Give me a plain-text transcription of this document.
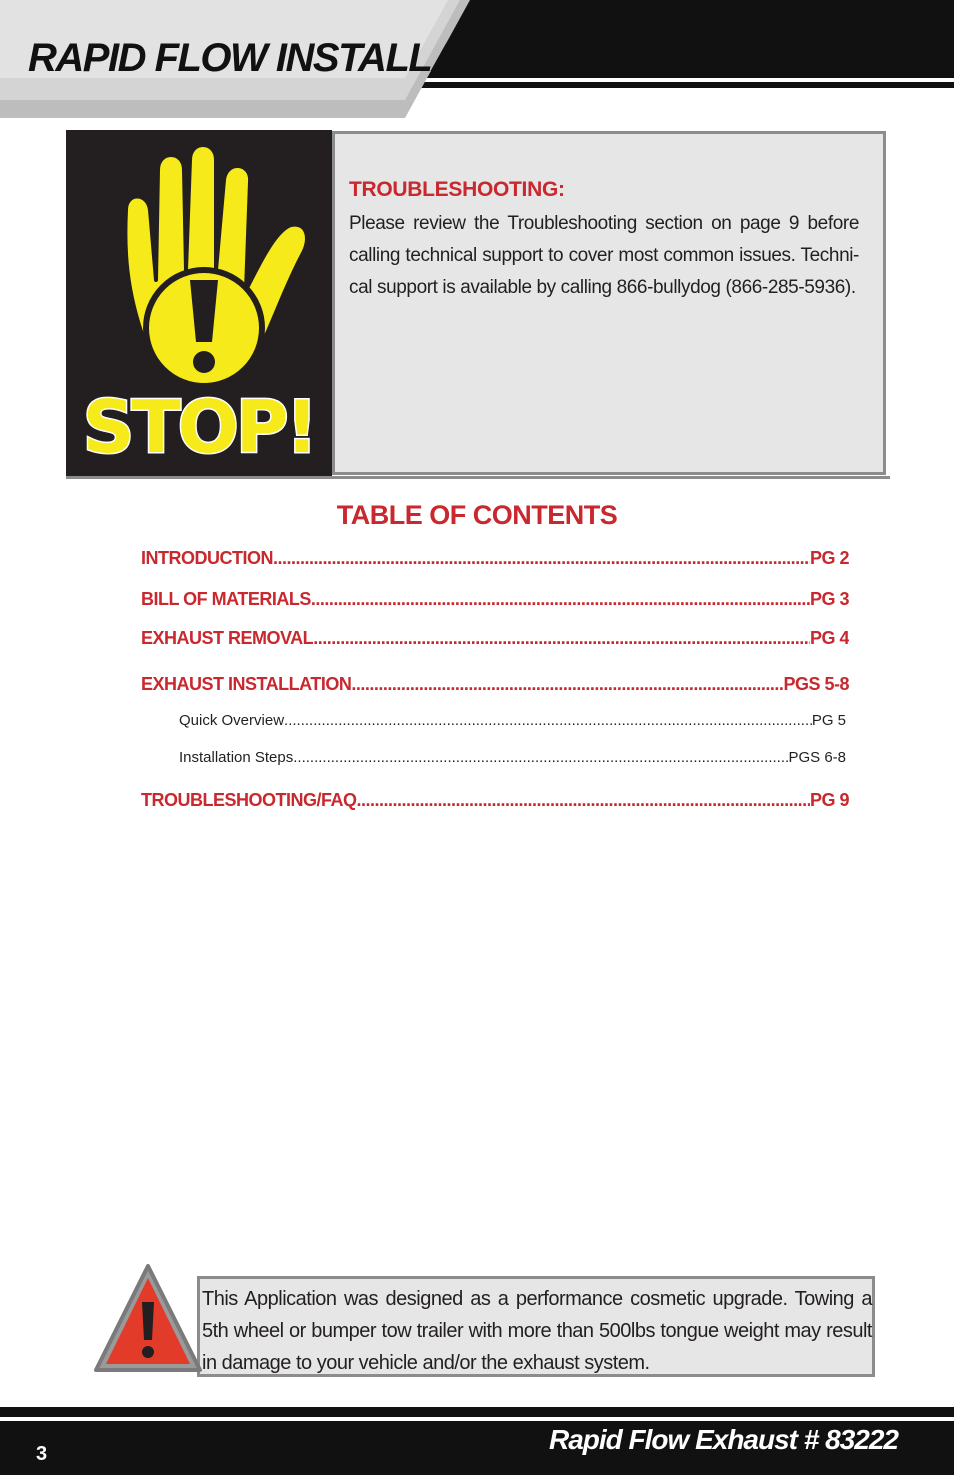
RAPID FLOW INSTALLATION
STOP!
TROUBLESHOOTING:
Please review the Troubleshooting section on page 9 before calling technical support to cover most common issues. Techni-cal support is available by calling 866-bullydog (866-285-5936).
TABLE OF CONTENTS
INTRODUCTION .....	PG 2
BILL OF MATERIALS .....	PG 3
EXHAUST REMOVAL .....	PG 4
EXHAUST INSTALLATION .....	PGS 5-8
Quick Overview .....	PG 5
Installation Steps .....	PGS 6-8
TROUBLESHOOTING/FAQ .....	PG 9
This Application was designed as a performance cosmetic upgrade. Towing a 5th wheel or bumper tow trailer with more than 500lbs tongue weight may result in damage to your vehicle and/or the exhaust system.
3	Rapid Flow Exhaust # 83222
